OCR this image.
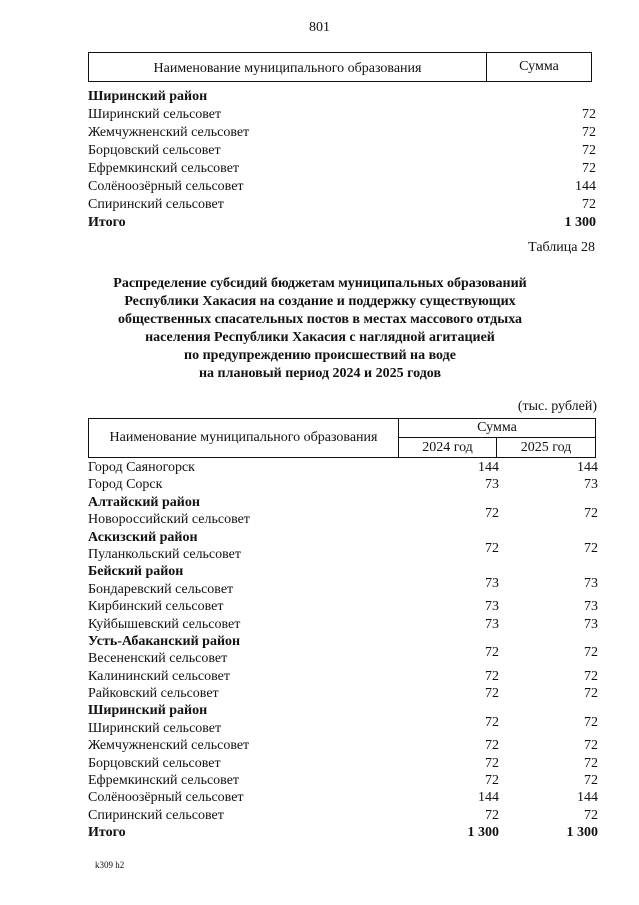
801
Наименование муниципального образования	Сумма
Ширинский район
Ширинский сельсовет	72
Жемчужненский сельсовет	72
Борцовский сельсовет	72
Ефремкинский сельсовет	72
Солёноозёрный сельсовет	144
Спиринский сельсовет	72
Итого	1 300
Таблица 28
Распределение субсидий бюджетам муниципальных образований
Республики Хакасия на создание и поддержку существующих
общественных спасательных постов в местах массового отдыха
населения Республики Хакасия с наглядной агитацией
по предупреждению происшествий на воде
на плановый период 2024 и 2025 годов
(тыс. рублей)
Наименование муниципального образования
Сумма
2024 год	2025 год
Город Саяногорск	144	144
Город Сорск	73	73
Алтайский район
Новороссийский сельсовет	72	72
Аскизский район
Пуланкольский сельсовет	72	72
Бейский район
Бондаревский сельсовет	73	73
Кирбинский сельсовет	73	73
Куйбышевский сельсовет	73	73
Усть-Абаканский район
Весененский сельсовет	72	72
Калининский сельсовет	72	72
Райковский сельсовет	72	72
Ширинский район
Ширинский сельсовет	72	72
Жемчужненский сельсовет	72	72
Борцовский сельсовет	72	72
Ефремкинский сельсовет	72	72
Солёноозёрный сельсовет	144	144
Спиринский сельсовет	72	72
Итого	1 300	1 300
k309 h2
